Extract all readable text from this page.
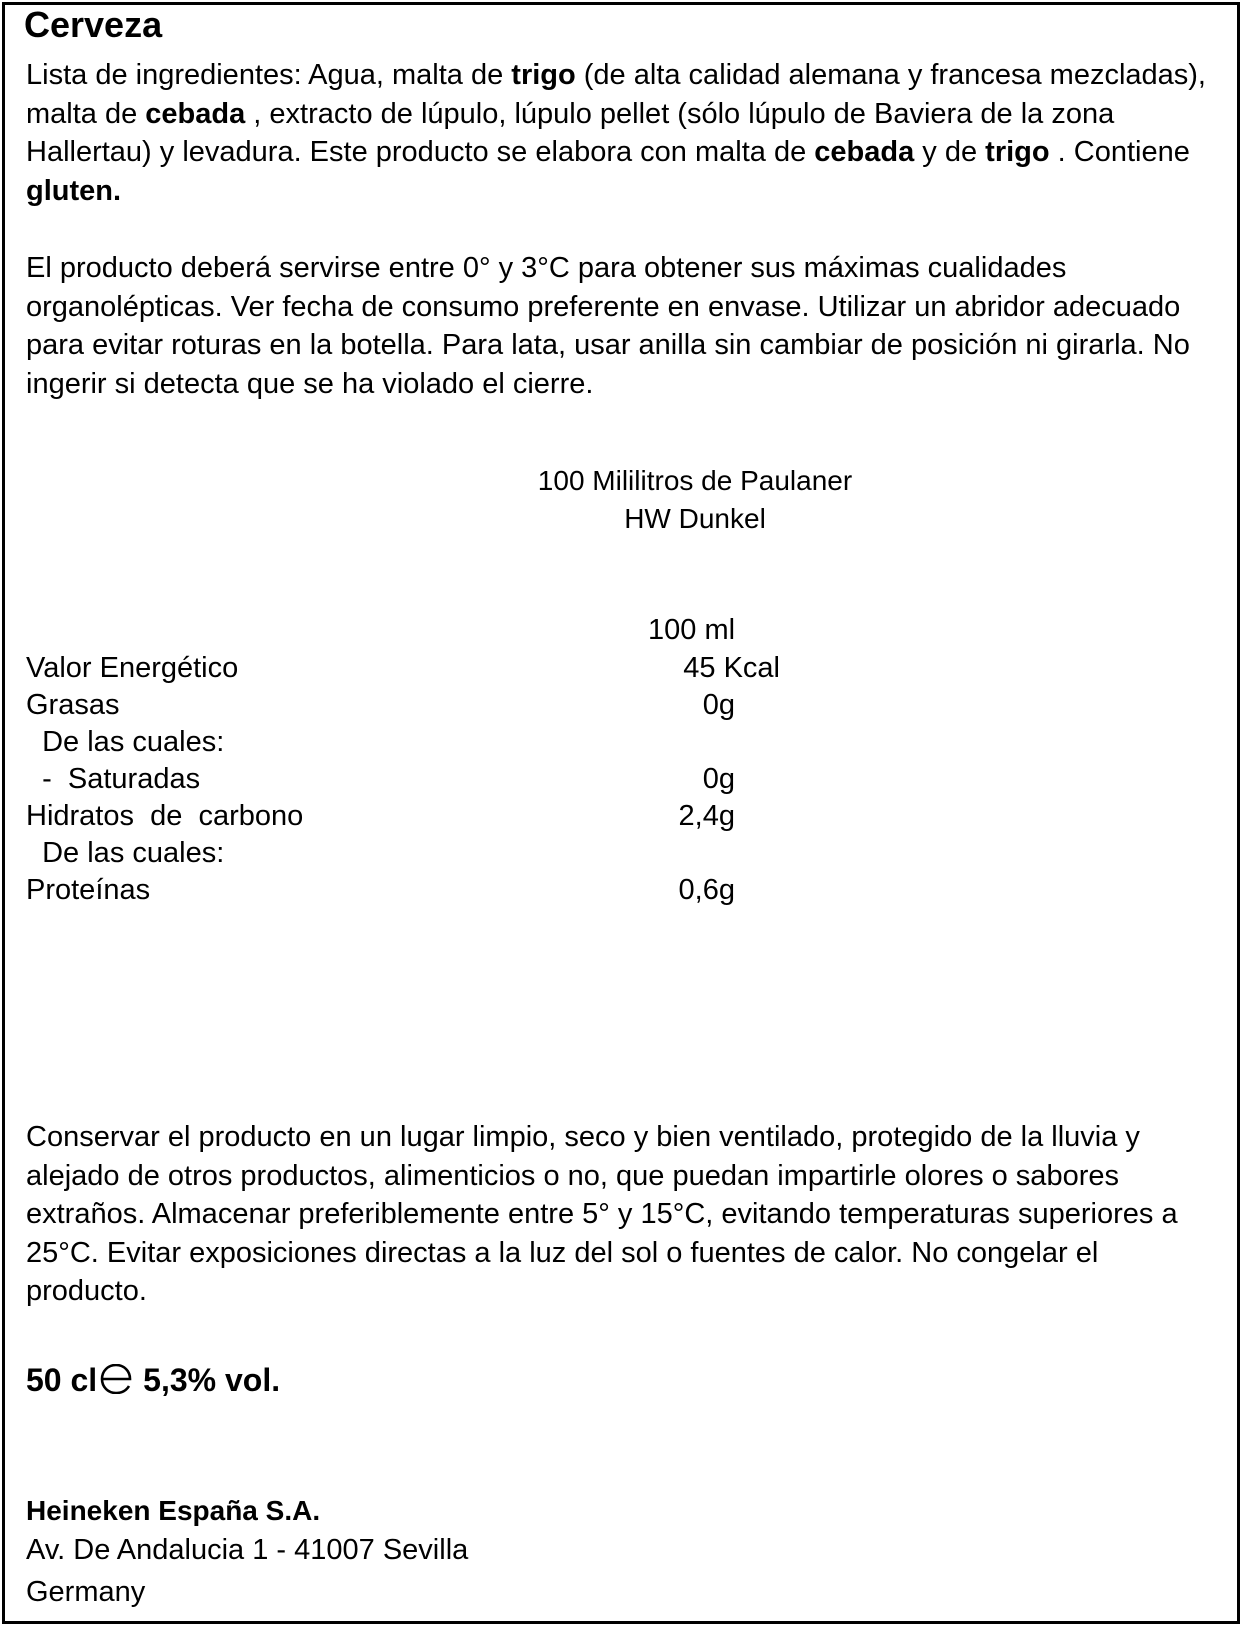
Cerveza
Lista de ingredientes: Agua, malta de trigo (de alta calidad alemana y francesa mezcladas), malta de cebada , extracto de lúpulo, lúpulo pellet (sólo lúpulo de Baviera de la zona Hallertau) y levadura. Este producto se elabora con malta de cebada y de trigo . Contiene gluten.
El producto deberá servirse entre 0° y 3°C para obtener sus máximas cualidades organolépticas. Ver fecha de consumo preferente en envase. Utilizar un abridor adecuado para evitar roturas en la botella. Para lata, usar anilla sin cambiar de posición ni girarla. No ingerir si detecta que se ha violado el cierre.
100 Mililitros de Paulaner
HW Dunkel
100 ml
Valor Energético	45 Kcal
Grasas	0g
De las cuales:
-  Saturadas	0g
Hidratos  de  carbono	2,4g
De las cuales:
Proteínas	0,6g
Conservar el producto en un lugar limpio, seco y bien ventilado, protegido de la lluvia y alejado de otros productos, alimenticios o no, que puedan impartirle olores o sabores extraños. Almacenar preferiblemente entre 5° y 15°C, evitando temperaturas superiores a 25°C. Evitar exposiciones directas a la luz del sol o fuentes de calor. No congelar el producto.
50 cl 5,3% vol.
Heineken España S.A.
Av. De Andalucia 1 - 41007 Sevilla
Germany
